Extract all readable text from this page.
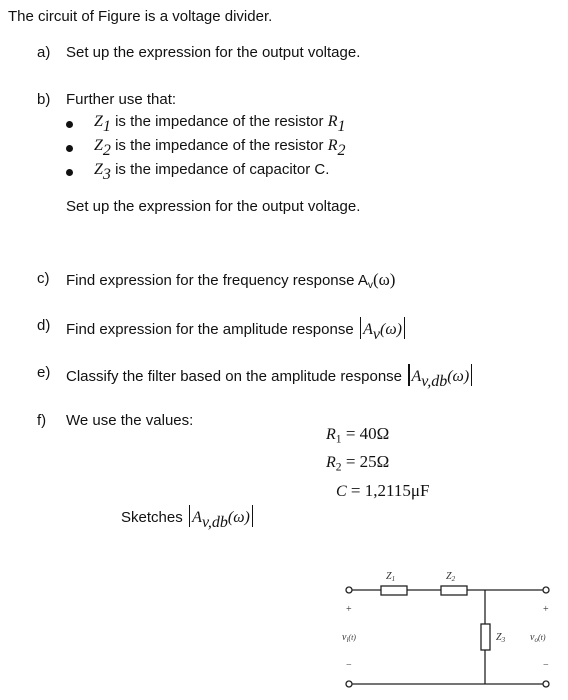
The circuit of Figure is a voltage divider.
a) Set up the expression for the output voltage.
b) Further use that:
$Z_1$ is the impedance of the resistor $R_1$
$Z_2$ is the impedance of the resistor $R_2$
$Z_3$ is the impedance of capacitor C.
Set up the expression for the output voltage.
c) Find expression for the frequency response $A_v(\omega)$
d) Find expression for the amplitude response $A_v(\omega)$
e) Classify the filter based on the amplitude response $A_{v,db}(\omega)$
f) We use the values:
$R_1 = 40\Omega$
$R_2 = 25\Omega$
C = 1,2115μF
Sketches $A_{v,db}(\omega)$
$Z_1$	$Z_2$
$Z_3$
$v_i^{(t)}$	$v_o^{(t)}$
+	+
−	−
